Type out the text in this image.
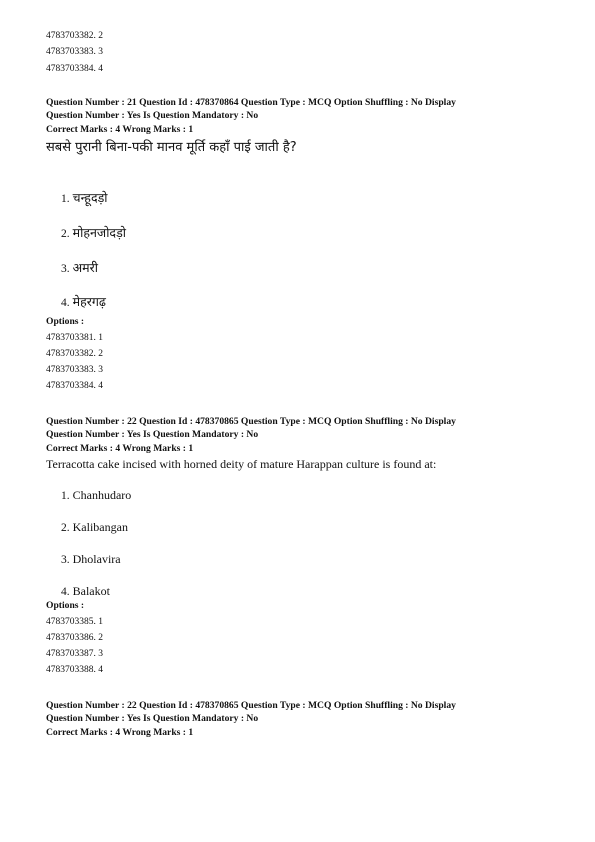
4783703382. 2
4783703383. 3
4783703384. 4
Question Number : 21 Question Id : 478370864 Question Type : MCQ Option Shuffling : No Display
Question Number : Yes Is Question Mandatory : No
Correct Marks : 4 Wrong Marks : 1
सबसे पुरानी बिना-पकी मानव मूर्ति कहाँ पाई जाती है?
1. चन्हूदड़ो
2. मोहनजोदड़ो
3. अमरी
4. मेहरगढ़
Options :
4783703381. 1
4783703382. 2
4783703383. 3
4783703384. 4
Question Number : 22 Question Id : 478370865 Question Type : MCQ Option Shuffling : No Display
Question Number : Yes Is Question Mandatory : No
Correct Marks : 4 Wrong Marks : 1
Terracotta cake incised with horned deity of mature Harappan culture is found at:
1. Chanhudaro
2. Kalibangan
3. Dholavira
4. Balakot
Options :
4783703385. 1
4783703386. 2
4783703387. 3
4783703388. 4
Question Number : 22 Question Id : 478370865 Question Type : MCQ Option Shuffling : No Display
Question Number : Yes Is Question Mandatory : No
Correct Marks : 4 Wrong Marks : 1
